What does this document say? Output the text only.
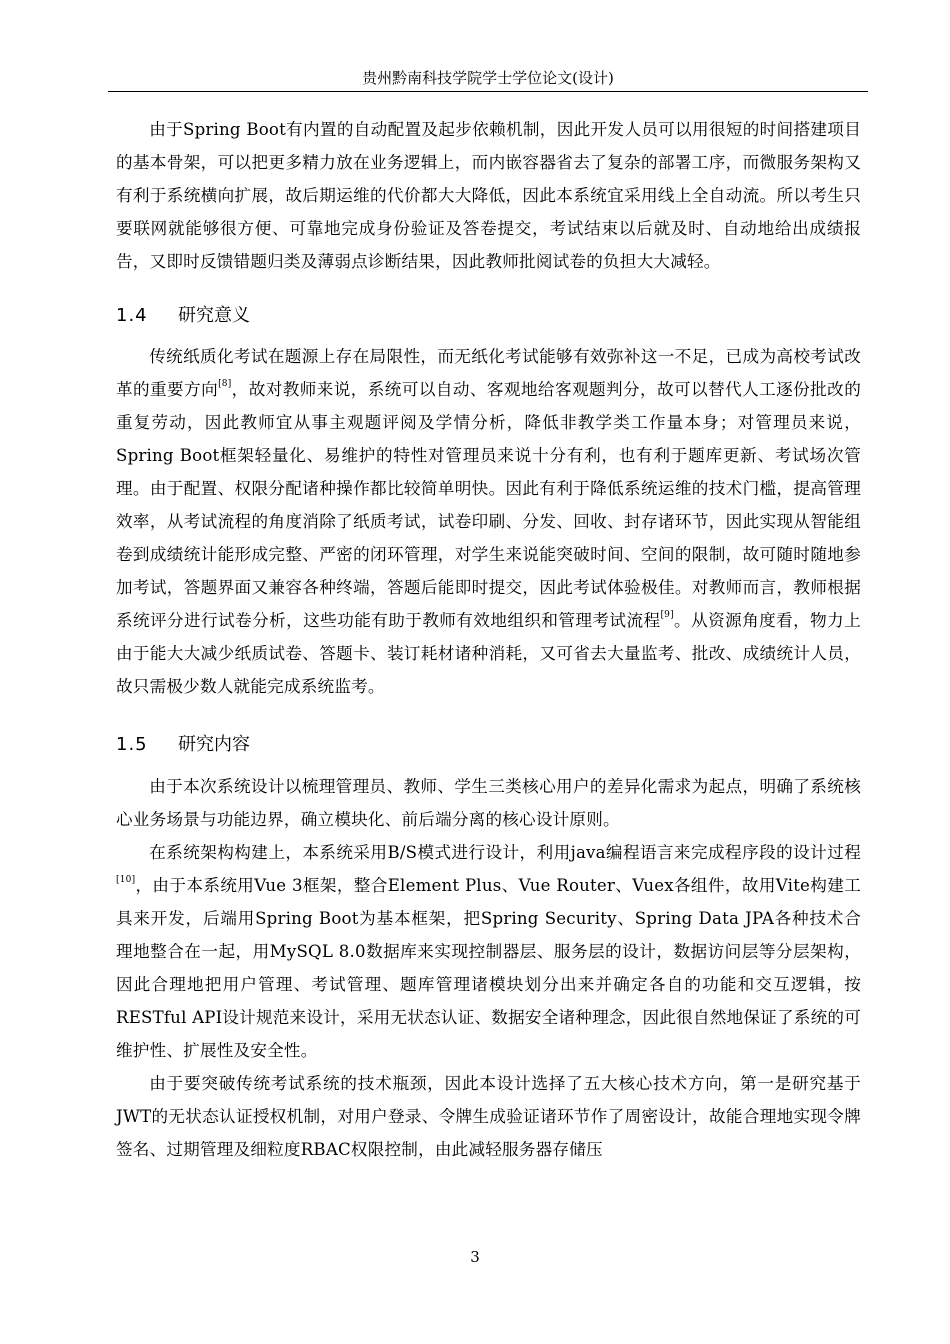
贵州黔南科技学院学士学位论文(设计)

由于Spring Boot有内置的自动配置及起步依赖机制，因此开发人员可以用很短的时间搭建项目的基本骨架，可以把更多精力放在业务逻辑上，而内嵌容器省去了复杂的部署工序，而微服务架构又有利于系统横向扩展，故后期运维的代价都大大降低，因此本系统宜采用线上全自动流。所以考生只要联网就能够很方便、可靠地完成身份验证及答卷提交，考试结束以后就及时、自动地给出成绩报告，又即时反馈错题归类及薄弱点诊断结果，因此教师批阅试卷的负担大大减轻。

1.4 研究意义

传统纸质化考试在题源上存在局限性，而无纸化考试能够有效弥补这一不足，已成为高校考试改革的重要方向[8]，故对教师来说，系统可以自动、客观地给客观题判分，故可以替代人工逐份批改的重复劳动，因此教师宜从事主观题评阅及学情分析，降低非教学类工作量本身；对管理员来说，Spring Boot框架轻量化、易维护的特性对管理员来说十分有利，也有利于题库更新、考试场次管理。由于配置、权限分配诸种操作都比较简单明快。因此有利于降低系统运维的技术门槛，提高管理效率，从考试流程的角度消除了纸质考试，试卷印刷、分发、回收、封存诸环节，因此实现从智能组卷到成绩统计能形成完整、严密的闭环管理，对学生来说能突破时间、空间的限制，故可随时随地参加考试，答题界面又兼容各种终端，答题后能即时提交，因此考试体验极佳。对教师而言，教师根据系统评分进行试卷分析，这些功能有助于教师有效地组织和管理考试流程[9]。从资源角度看，物力上由于能大大减少纸质试卷、答题卡、装订耗材诸种消耗，又可省去大量监考、批改、成绩统计人员，故只需极少数人就能完成系统监考。

1.5 研究内容

由于本次系统设计以梳理管理员、教师、学生三类核心用户的差异化需求为起点，明确了系统核心业务场景与功能边界，确立模块化、前后端分离的核心设计原则。

在系统架构构建上，本系统采用B/S模式进行设计，利用java编程语言来完成程序段的设计过程[10]，由于本系统用Vue 3框架，整合Element Plus、Vue Router、Vuex各组件，故用Vite构建工具来开发，后端用Spring Boot为基本框架，把Spring Security、Spring Data JPA各种技术合理地整合在一起，用MySQL 8.0数据库来实现控制器层、服务层的设计，数据访问层等分层架构，因此合理地把用户管理、考试管理、题库管理诸模块划分出来并确定各自的功能和交互逻辑，按RESTful API设计规范来设计，采用无状态认证、数据安全诸种理念，因此很自然地保证了系统的可维护性、扩展性及安全性。

由于要突破传统考试系统的技术瓶颈，因此本设计选择了五大核心技术方向，第一是研究基于JWT的无状态认证授权机制，对用户登录、令牌生成验证诸环节作了周密设计，故能合理地实现令牌签名、过期管理及细粒度RBAC权限控制，由此减轻服务器存储压

3
